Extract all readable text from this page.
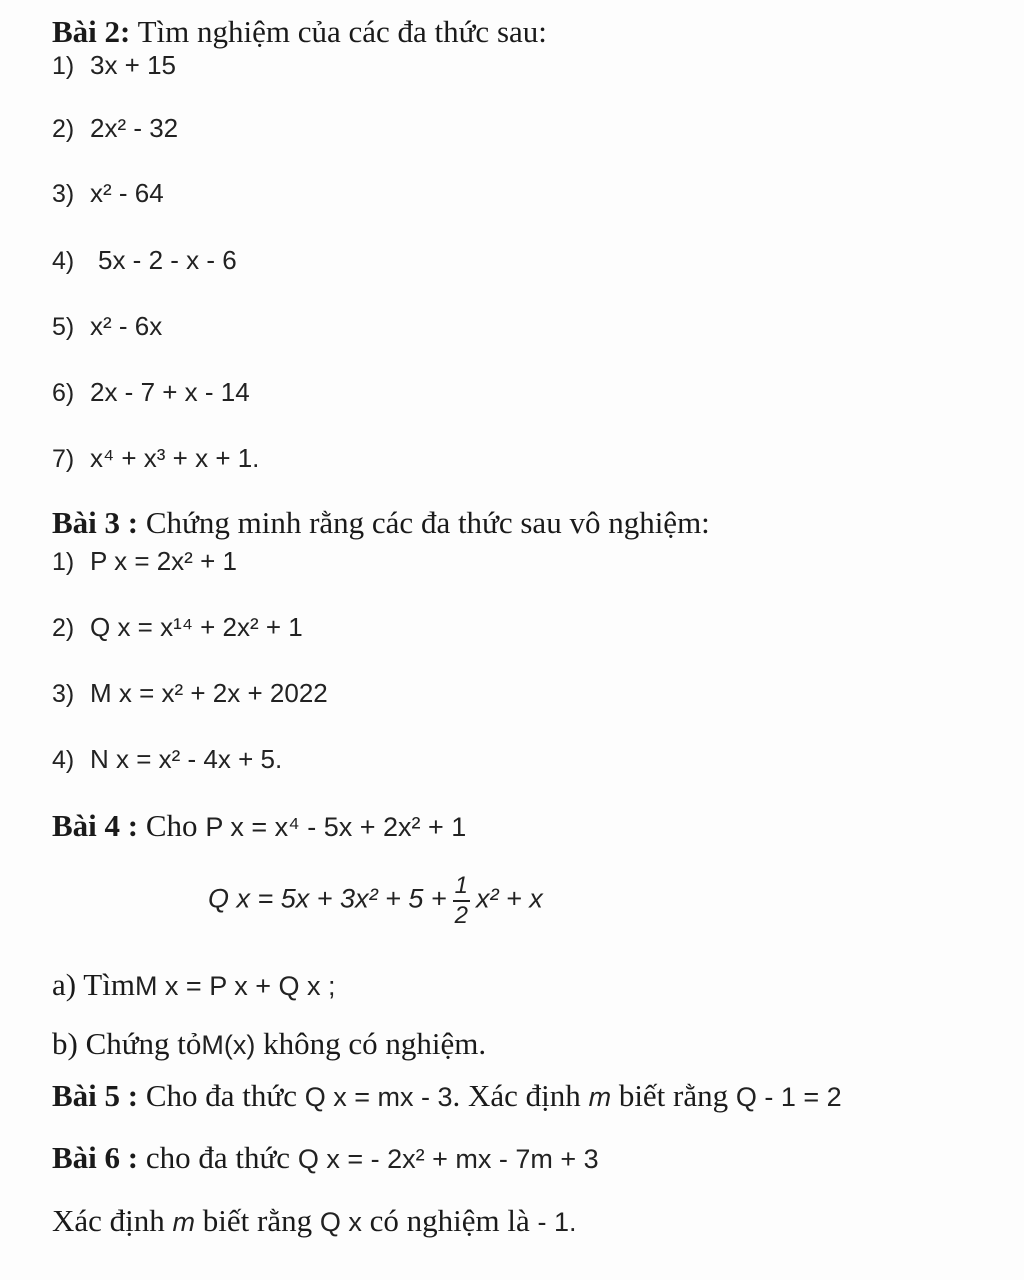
Bài 2: Tìm nghiệm của các đa thức sau:
1) 3x + 15
2) 2x² - 32
3) x² - 64
4) 5x - 2 - x - 6
5) x² - 6x
6) 2x - 7 + x - 14
7) x⁴ + x³ + x + 1.
Bài 3 : Chứng minh rằng các đa thức sau vô nghiệm:
1) P x = 2x² + 1
2) Q x = x¹⁴ + 2x² + 1
3) M x = x² + 2x + 2022
4) N x = x² - 4x + 5.
Bài 4 : Cho P x = x⁴ - 5x + 2x² + 1
Q $x = 5x + 3x^2 + 5 + \frac{1}{2} x^2 + x$
a) TìmM x = P x + Q x ;
b) Chứng tỏM(x) không có nghiệm.
Bài 5 : Cho đa thức Q x = mx - 3. Xác định m biết rằng Q - 1 = 2
Bài 6 : cho đa thức Q x = - 2x² + mx - 7m + 3
Xác định m biết rằng Q x có nghiệm là - 1.
